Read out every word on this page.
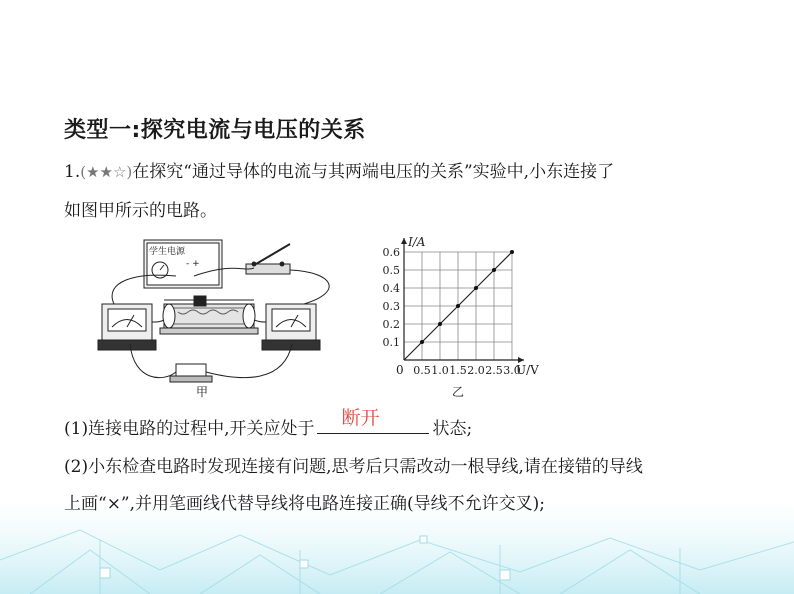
类型一:探究电流与电压的关系
1.(★★☆)在探究“通过导体的电流与其两端电压的关系”实验中,小东连接了
如图甲所示的电路。
学生电源
- +
甲
0.5 1.0 1.5 2.0 2.5 3.0
0.1
0.2
0.3
0.4
0.5
0.6
U/V
I/A
0
乙
(1)连接电路的过程中,开关应处于 断开	状态;
(2)小东检查电路时发现连接有问题,思考后只需改动一根导线,请在接错的导线
上画“×”,并用笔画线代替导线将电路连接正确(导线不允许交叉);
